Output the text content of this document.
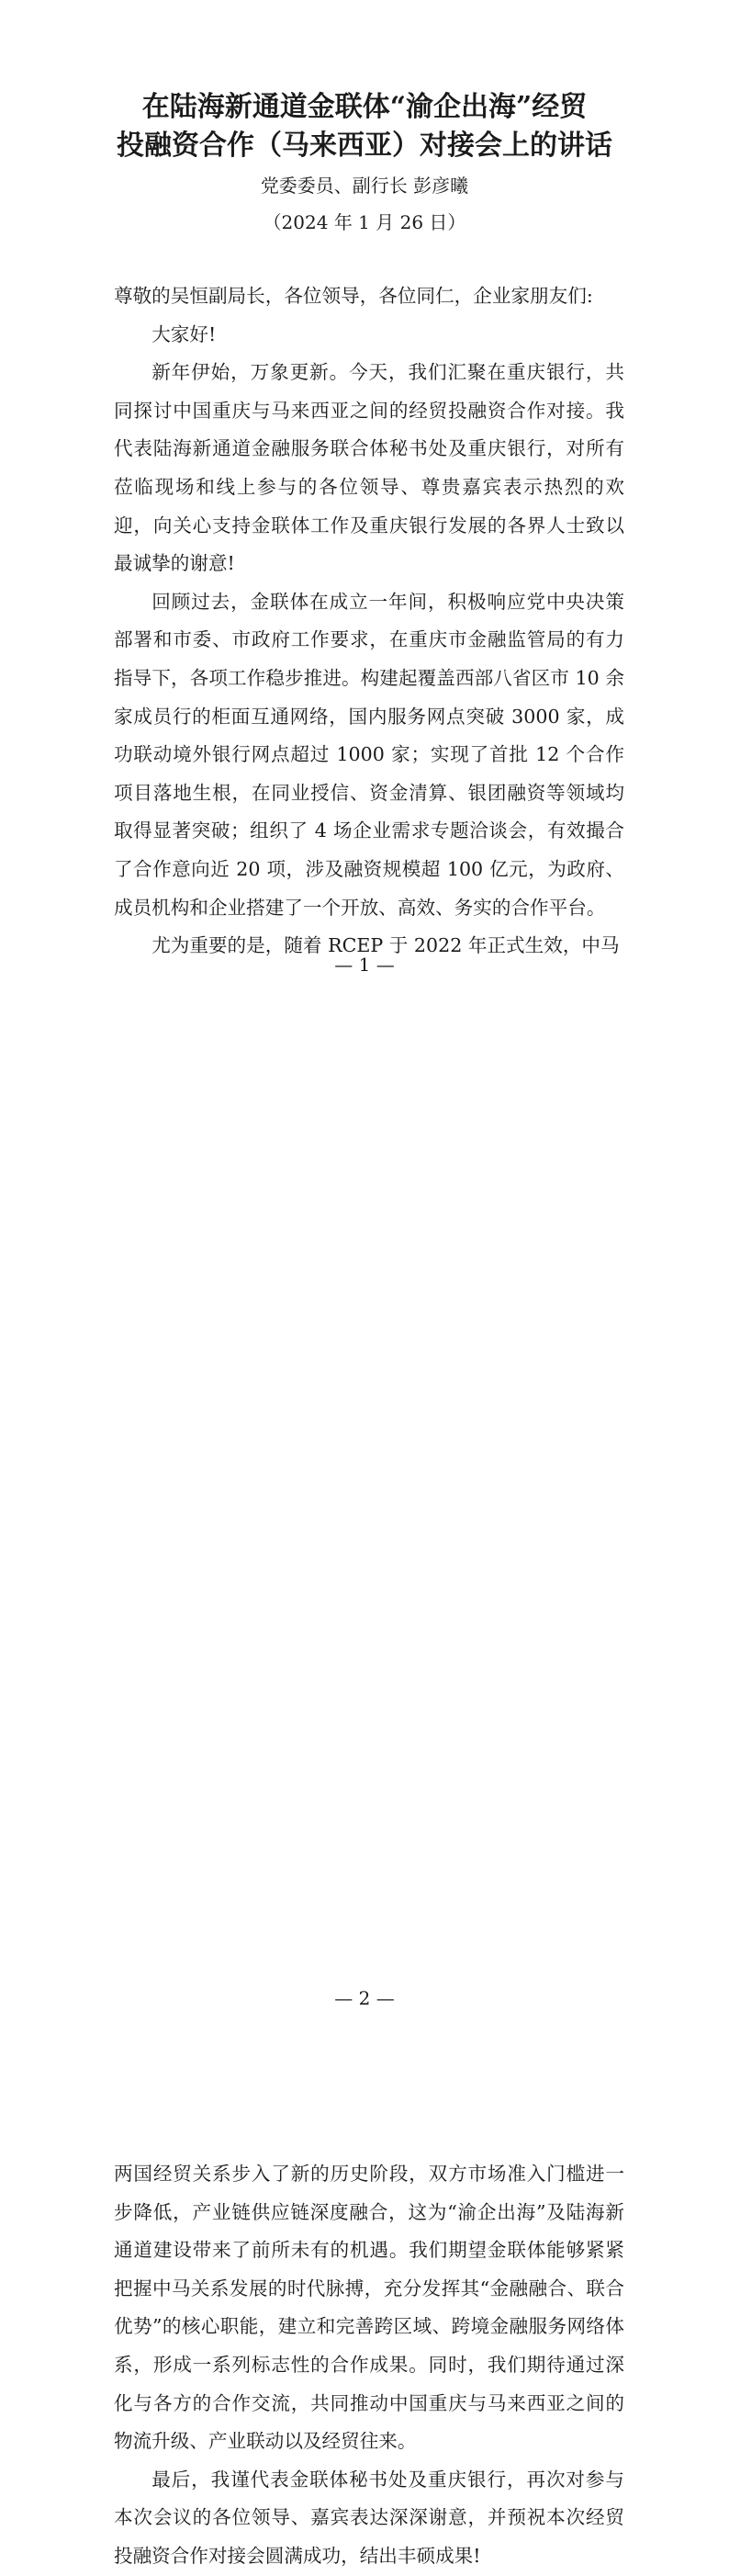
在陆海新通道金联体“渝企出海”经贸
投融资合作（马来西亚）对接会上的讲话
党委委员、副行长 彭彦曦
（2024 年 1 月 26 日）

尊敬的吴恒副局长，各位领导，各位同仁，企业家朋友们:

大家好!

新年伊始，万象更新。今天，我们汇聚在重庆银行，共同探讨中国重庆与马来西亚之间的经贸投融资合作对接。我代表陆海新通道金融服务联合体秘书处及重庆银行，对所有莅临现场和线上参与的各位领导、尊贵嘉宾表示热烈的欢迎，向关心支持金联体工作及重庆银行发展的各界人士致以最诚挚的谢意!

回顾过去，金联体在成立一年间，积极响应党中央决策部署和市委、市政府工作要求，在重庆市金融监管局的有力指导下，各项工作稳步推进。构建起覆盖西部八省区市 10 余家成员行的柜面互通网络，国内服务网点突破 3000 家，成功联动境外银行网点超过 1000 家；实现了首批 12 个合作项目落地生根，在同业授信、资金清算、银团融资等领域均取得显著突破；组织了 4 场企业需求专题洽谈会，有效撮合了合作意向近 20 项，涉及融资规模超 100 亿元，为政府、成员机构和企业搭建了一个开放、高效、务实的合作平台。

尤为重要的是，随着 RCEP 于 2022 年正式生效，中马

— 1 —

两国经贸关系步入了新的历史阶段，双方市场准入门槛进一步降低，产业链供应链深度融合，这为“渝企出海”及陆海新通道建设带来了前所未有的机遇。我们期望金联体能够紧紧把握中马关系发展的时代脉搏，充分发挥其“金融融合、联合优势”的核心职能，建立和完善跨区域、跨境金融服务网络体系，形成一系列标志性的合作成果。同时，我们期待通过深化与各方的合作交流，共同推动中国重庆与马来西亚之间的物流升级、产业联动以及经贸往来。

最后，我谨代表金联体秘书处及重庆银行，再次对参与本次会议的各位领导、嘉宾表达深深谢意，并预祝本次经贸投融资合作对接会圆满成功，结出丰硕成果!

— 2 —
